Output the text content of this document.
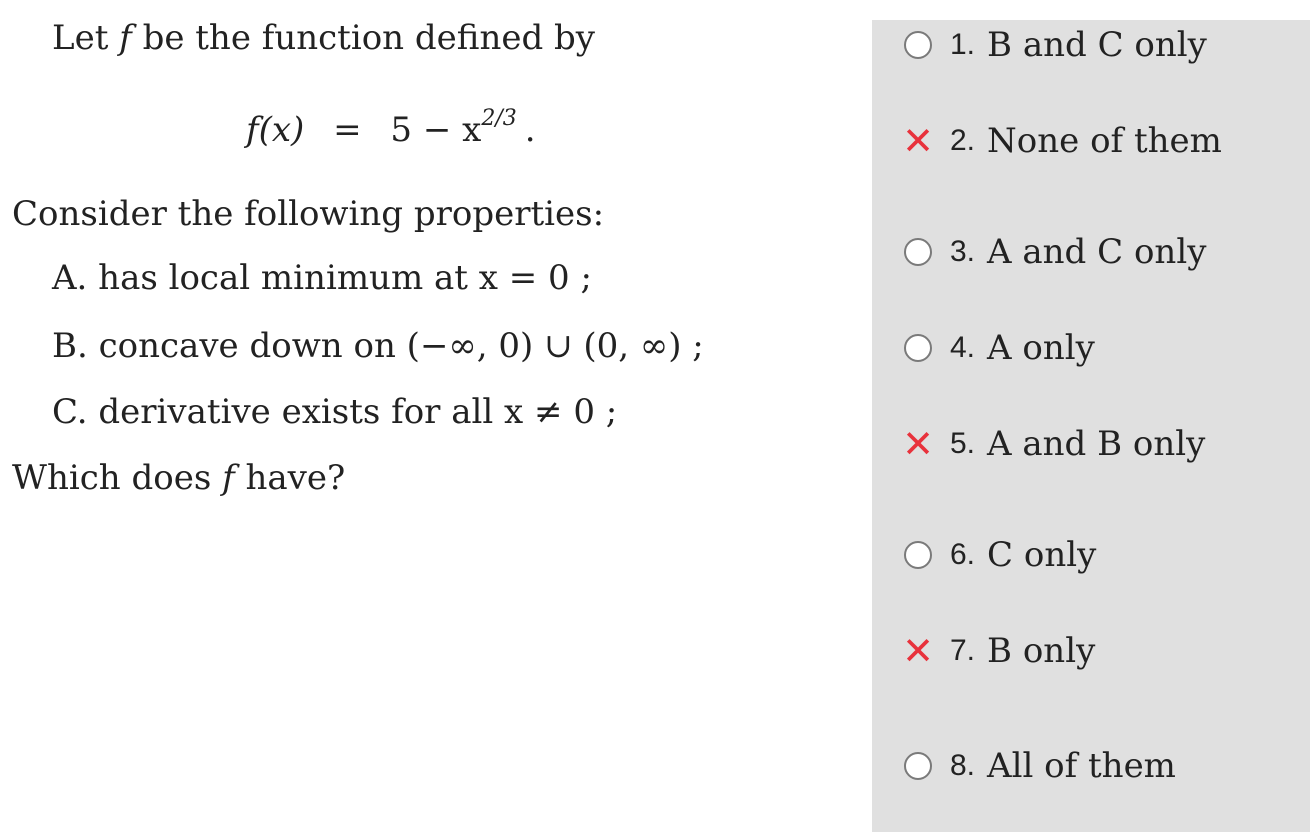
Let f be the function defined by
$f(x) = 5 - x^{2/3}$ .
Consider the following properties:
A. has local minimum at x = 0 ;
B. concave down on (−∞, 0) ∪ (0, ∞) ;
C. derivative exists for all x ≠ 0 ;
Which does f have?
1. B and C only
✕ 2. None of them
3. A and C only
4. A only
✕ 5. A and B only
6. C only
✕ 7. B only
8. All of them
